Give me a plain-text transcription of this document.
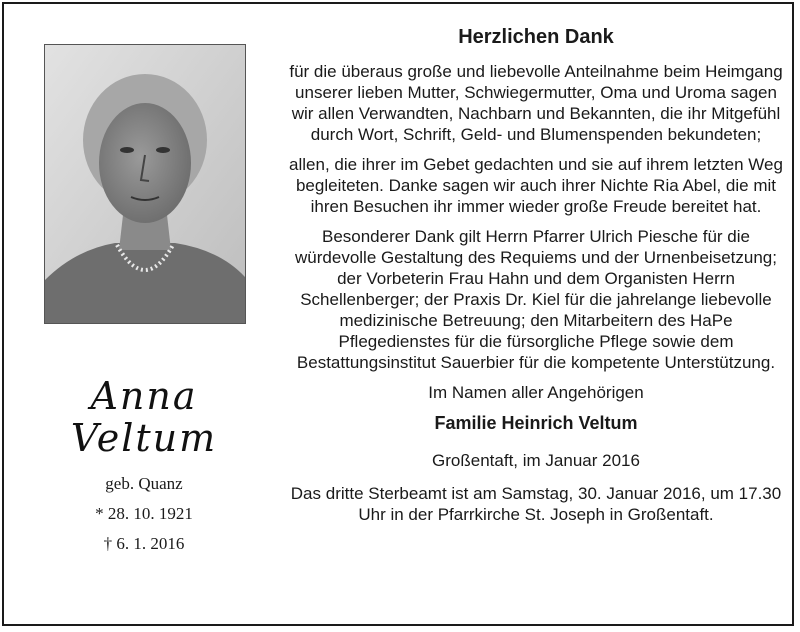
Anna
Veltum
geb. Quanz
* 28. 10. 1921
† 6. 1. 2016
Herzlichen Dank

für die überaus große und liebevolle Anteilnahme beim Heimgang unserer lieben Mutter, Schwiegermutter, Oma und Uroma sagen wir allen Verwandten, Nachbarn und Bekannten, die ihr Mitgefühl durch Wort, Schrift, Geld- und Blumenspenden bekundeten;

allen, die ihrer im Gebet gedachten und sie auf ihrem letzten Weg begleiteten. Danke sagen wir auch ihrer Nichte Ria Abel, die mit ihren Besuchen ihr immer wieder große Freude bereitet hat.

Besonderer Dank gilt Herrn Pfarrer Ulrich Piesche für die würdevolle Gestaltung des Requiems und der Urnenbeisetzung; der Vorbeterin Frau Hahn und dem Organisten Herrn Schellenberger; der Praxis Dr. Kiel für die jahrelange liebevolle medizinische Betreuung; den Mitarbeitern des HaPe Pflegedienstes für die fürsorgliche Pflege sowie dem Bestattungsinstitut Sauerbier für die kompetente Unterstützung.

Im Namen aller Angehörigen

Familie Heinrich Veltum

Großentaft, im Januar 2016

Das dritte Sterbeamt ist am Samstag, 30. Januar 2016, um 17.30 Uhr in der Pfarrkirche St. Joseph in Großentaft.
